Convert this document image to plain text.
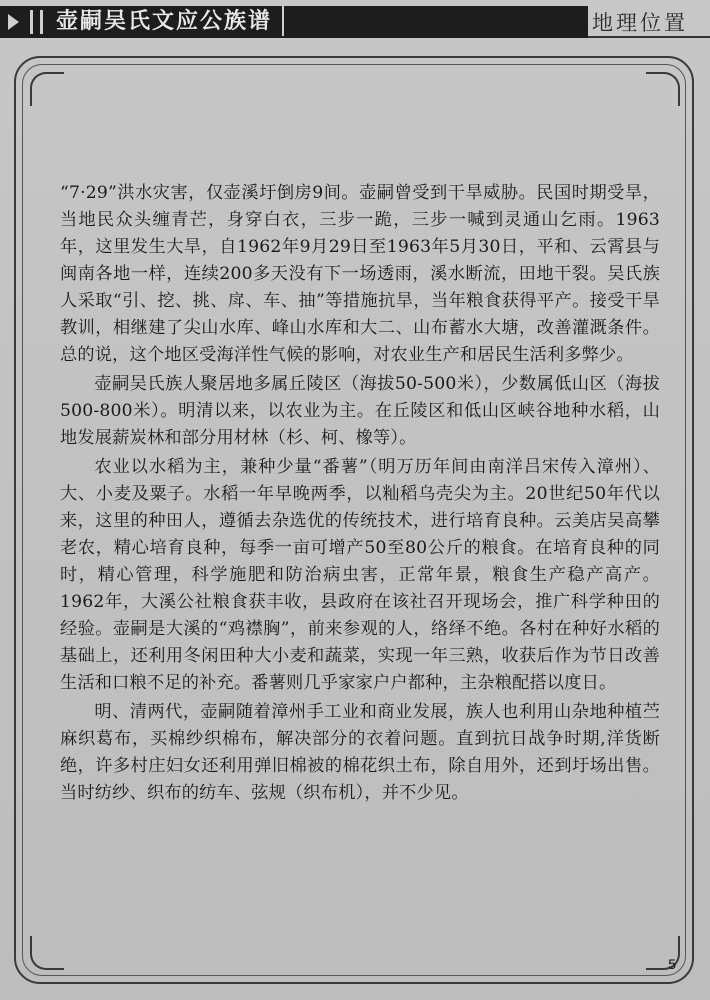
壶嗣吴氏文应公族谱	地理位置

“7·29”洪水灾害，仅壶溪圩倒房9间。壶嗣曾受到干旱威胁。民国时期受旱，当地民众头缠青芒，身穿白衣，三步一跪，三步一喊到灵通山乞雨。1963年，这里发生大旱，自1962年9月29日至1963年5月30日，平和、云霄县与闽南各地一样，连续200多天没有下一场透雨，溪水断流，田地干裂。吴氏族人采取“引、挖、挑、戽、车、抽”等措施抗旱，当年粮食获得平产。接受干旱教训，相继建了尖山水库、峰山水库和大二、山布蓄水大塘，改善灌溉条件。总的说，这个地区受海洋性气候的影响，对农业生产和居民生活利多弊少。

壶嗣吴氏族人聚居地多属丘陵区（海拔50-500米），少数属低山区（海拔500-800米）。明清以来，以农业为主。在丘陵区和低山区峡谷地种水稻，山地发展薪炭林和部分用材林（杉、柯、橡等）。

农业以水稻为主，兼种少量“番薯”（明万历年间由南洋吕宋传入漳州）、大、小麦及粟子。水稻一年早晚两季，以籼稻乌壳尖为主。20世纪50年代以来，这里的种田人，遵循去杂选优的传统技术，进行培育良种。云美店吴高攀老农，精心培育良种，每季一亩可增产50至80公斤的粮食。在培育良种的同时，精心管理，科学施肥和防治病虫害，正常年景，粮食生产稳产高产。1962年，大溪公社粮食获丰收，县政府在该社召开现场会，推广科学种田的经验。壶嗣是大溪的“鸡襟胸”，前来参观的人，络绎不绝。各村在种好水稻的基础上，还利用冬闲田种大小麦和蔬菜，实现一年三熟，收获后作为节日改善生活和口粮不足的补充。番薯则几乎家家户户都种，主杂粮配搭以度日。

明、清两代，壶嗣随着漳州手工业和商业发展，族人也利用山杂地种植苎麻织葛布，买棉纱织棉布，解决部分的衣着问题。直到抗日战争时期,洋货断绝，许多村庄妇女还利用弹旧棉被的棉花织土布，除自用外，还到圩场出售。当时纺纱、织布的纺车、弦规（织布机），并不少见。

5
